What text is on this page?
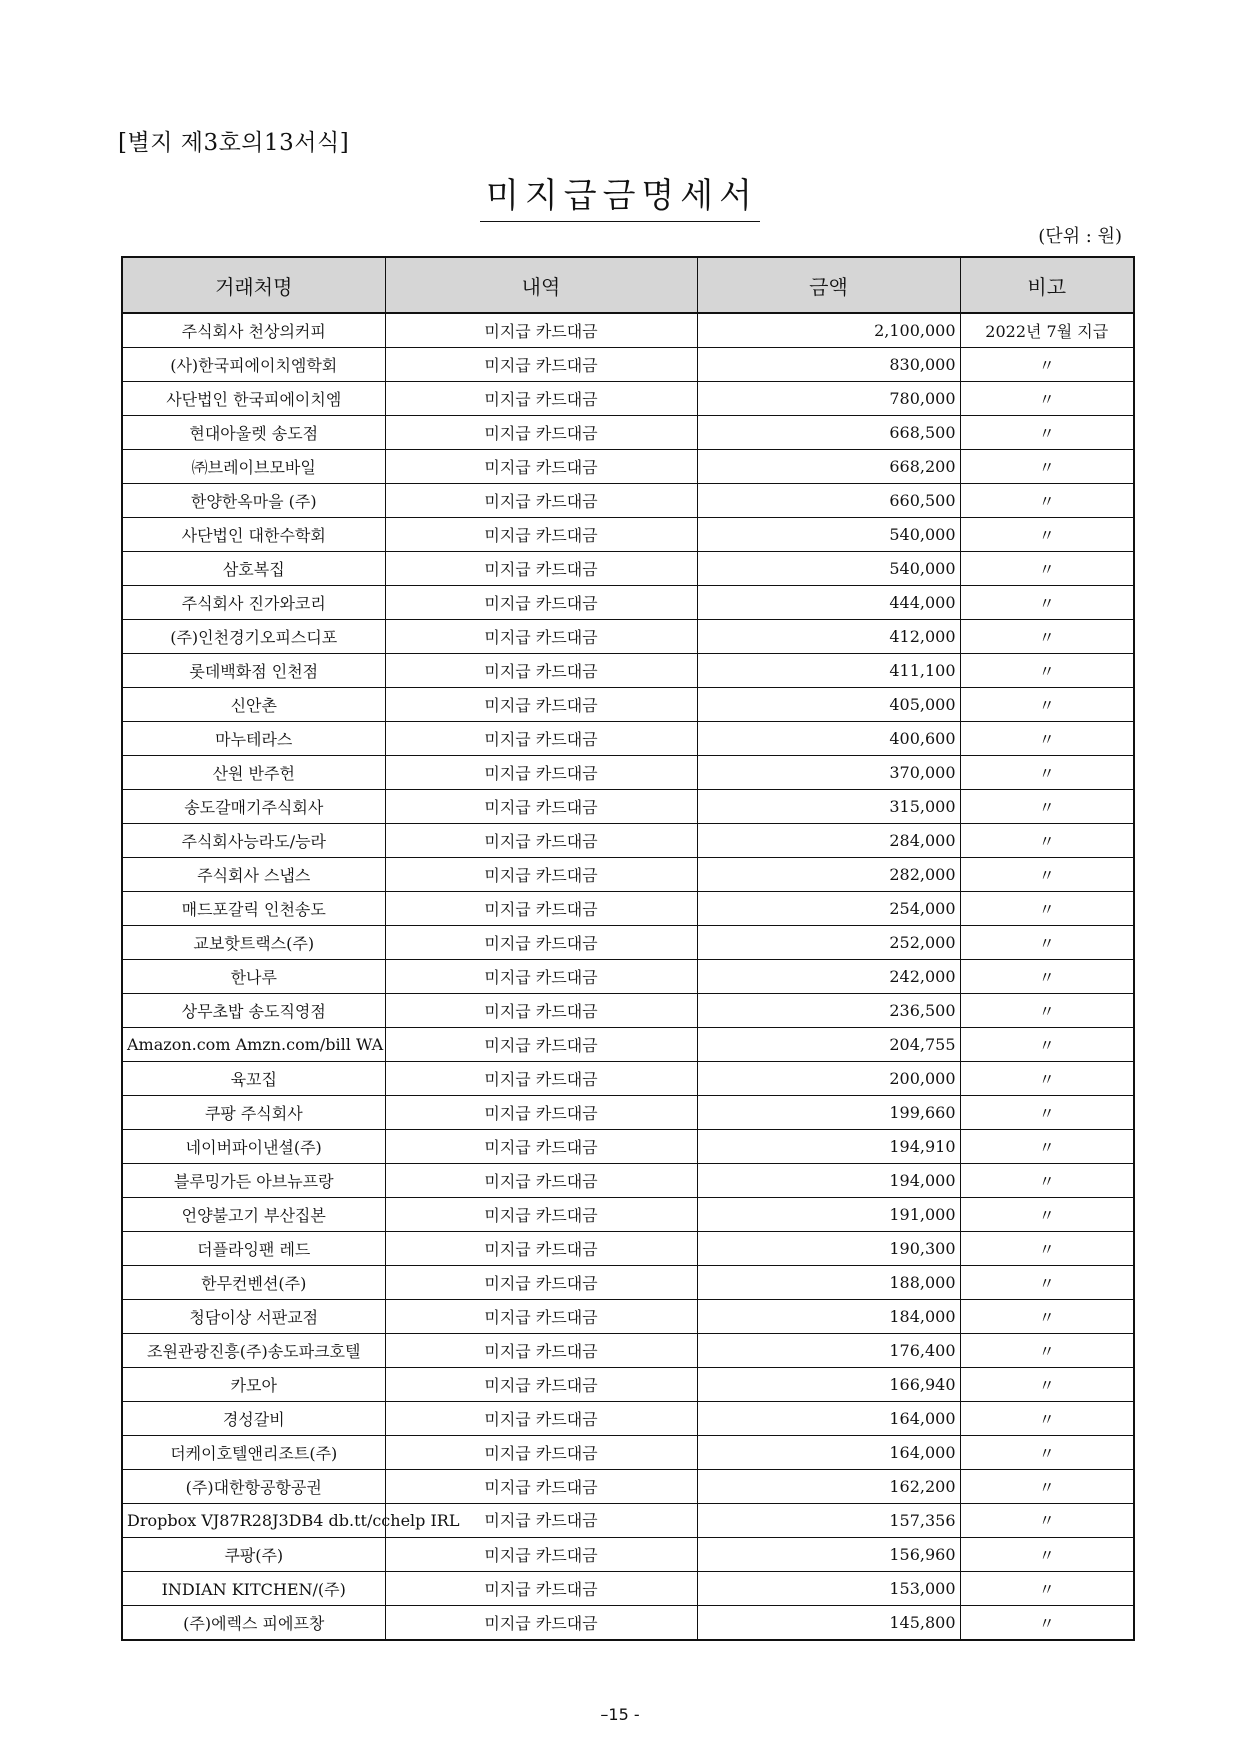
[별지 제3호의13서식]
미지급금명세서
(단위 : 원)
거래처명	내역	금액	비고
주식회사 천상의커피	미지급 카드대금	2,100,000	2022년 7월 지급
(사)한국피에이치엠학회	미지급 카드대금	830,000	〃
사단법인 한국피에이치엠	미지급 카드대금	780,000	〃
현대아울렛 송도점	미지급 카드대금	668,500	〃
㈜브레이브모바일	미지급 카드대금	668,200	〃
한양한옥마을 (주)	미지급 카드대금	660,500	〃
사단법인 대한수학회	미지급 카드대금	540,000	〃
삼호복집	미지급 카드대금	540,000	〃
주식회사 진가와코리	미지급 카드대금	444,000	〃
(주)인천경기오피스디포	미지급 카드대금	412,000	〃
롯데백화점 인천점	미지급 카드대금	411,100	〃
신안촌	미지급 카드대금	405,000	〃
마누테라스	미지급 카드대금	400,600	〃
산원 반주헌	미지급 카드대금	370,000	〃
송도갈매기주식회사	미지급 카드대금	315,000	〃
주식회사능라도/능라	미지급 카드대금	284,000	〃
주식회사 스냅스	미지급 카드대금	282,000	〃
매드포갈릭 인천송도	미지급 카드대금	254,000	〃
교보핫트랙스(주)	미지급 카드대금	252,000	〃
한나루	미지급 카드대금	242,000	〃
상무초밥 송도직영점	미지급 카드대금	236,500	〃
Amazon.com Amzn.com/bill WA	미지급 카드대금	204,755	〃
육꼬집	미지급 카드대금	200,000	〃
쿠팡 주식회사	미지급 카드대금	199,660	〃
네이버파이낸셜(주)	미지급 카드대금	194,910	〃
블루밍가든 아브뉴프랑	미지급 카드대금	194,000	〃
언양불고기 부산집본	미지급 카드대금	191,000	〃
더플라잉팬 레드	미지급 카드대금	190,300	〃
한무컨벤션(주)	미지급 카드대금	188,000	〃
청담이상 서판교점	미지급 카드대금	184,000	〃
조원관광진흥(주)송도파크호텔	미지급 카드대금	176,400	〃
카모아	미지급 카드대금	166,940	〃
경성갈비	미지급 카드대금	164,000	〃
더케이호텔앤리조트(주)	미지급 카드대금	164,000	〃
(주)대한항공항공권	미지급 카드대금	162,200	〃
Dropbox VJ87R28J3DB4 db.tt/cchelp IRL	미지급 카드대금	157,356	〃
쿠팡(주)	미지급 카드대금	156,960	〃
INDIAN KITCHEN/(주)	미지급 카드대금	153,000	〃
(주)에렉스 피에프창	미지급 카드대금	145,800	〃
–15 -
